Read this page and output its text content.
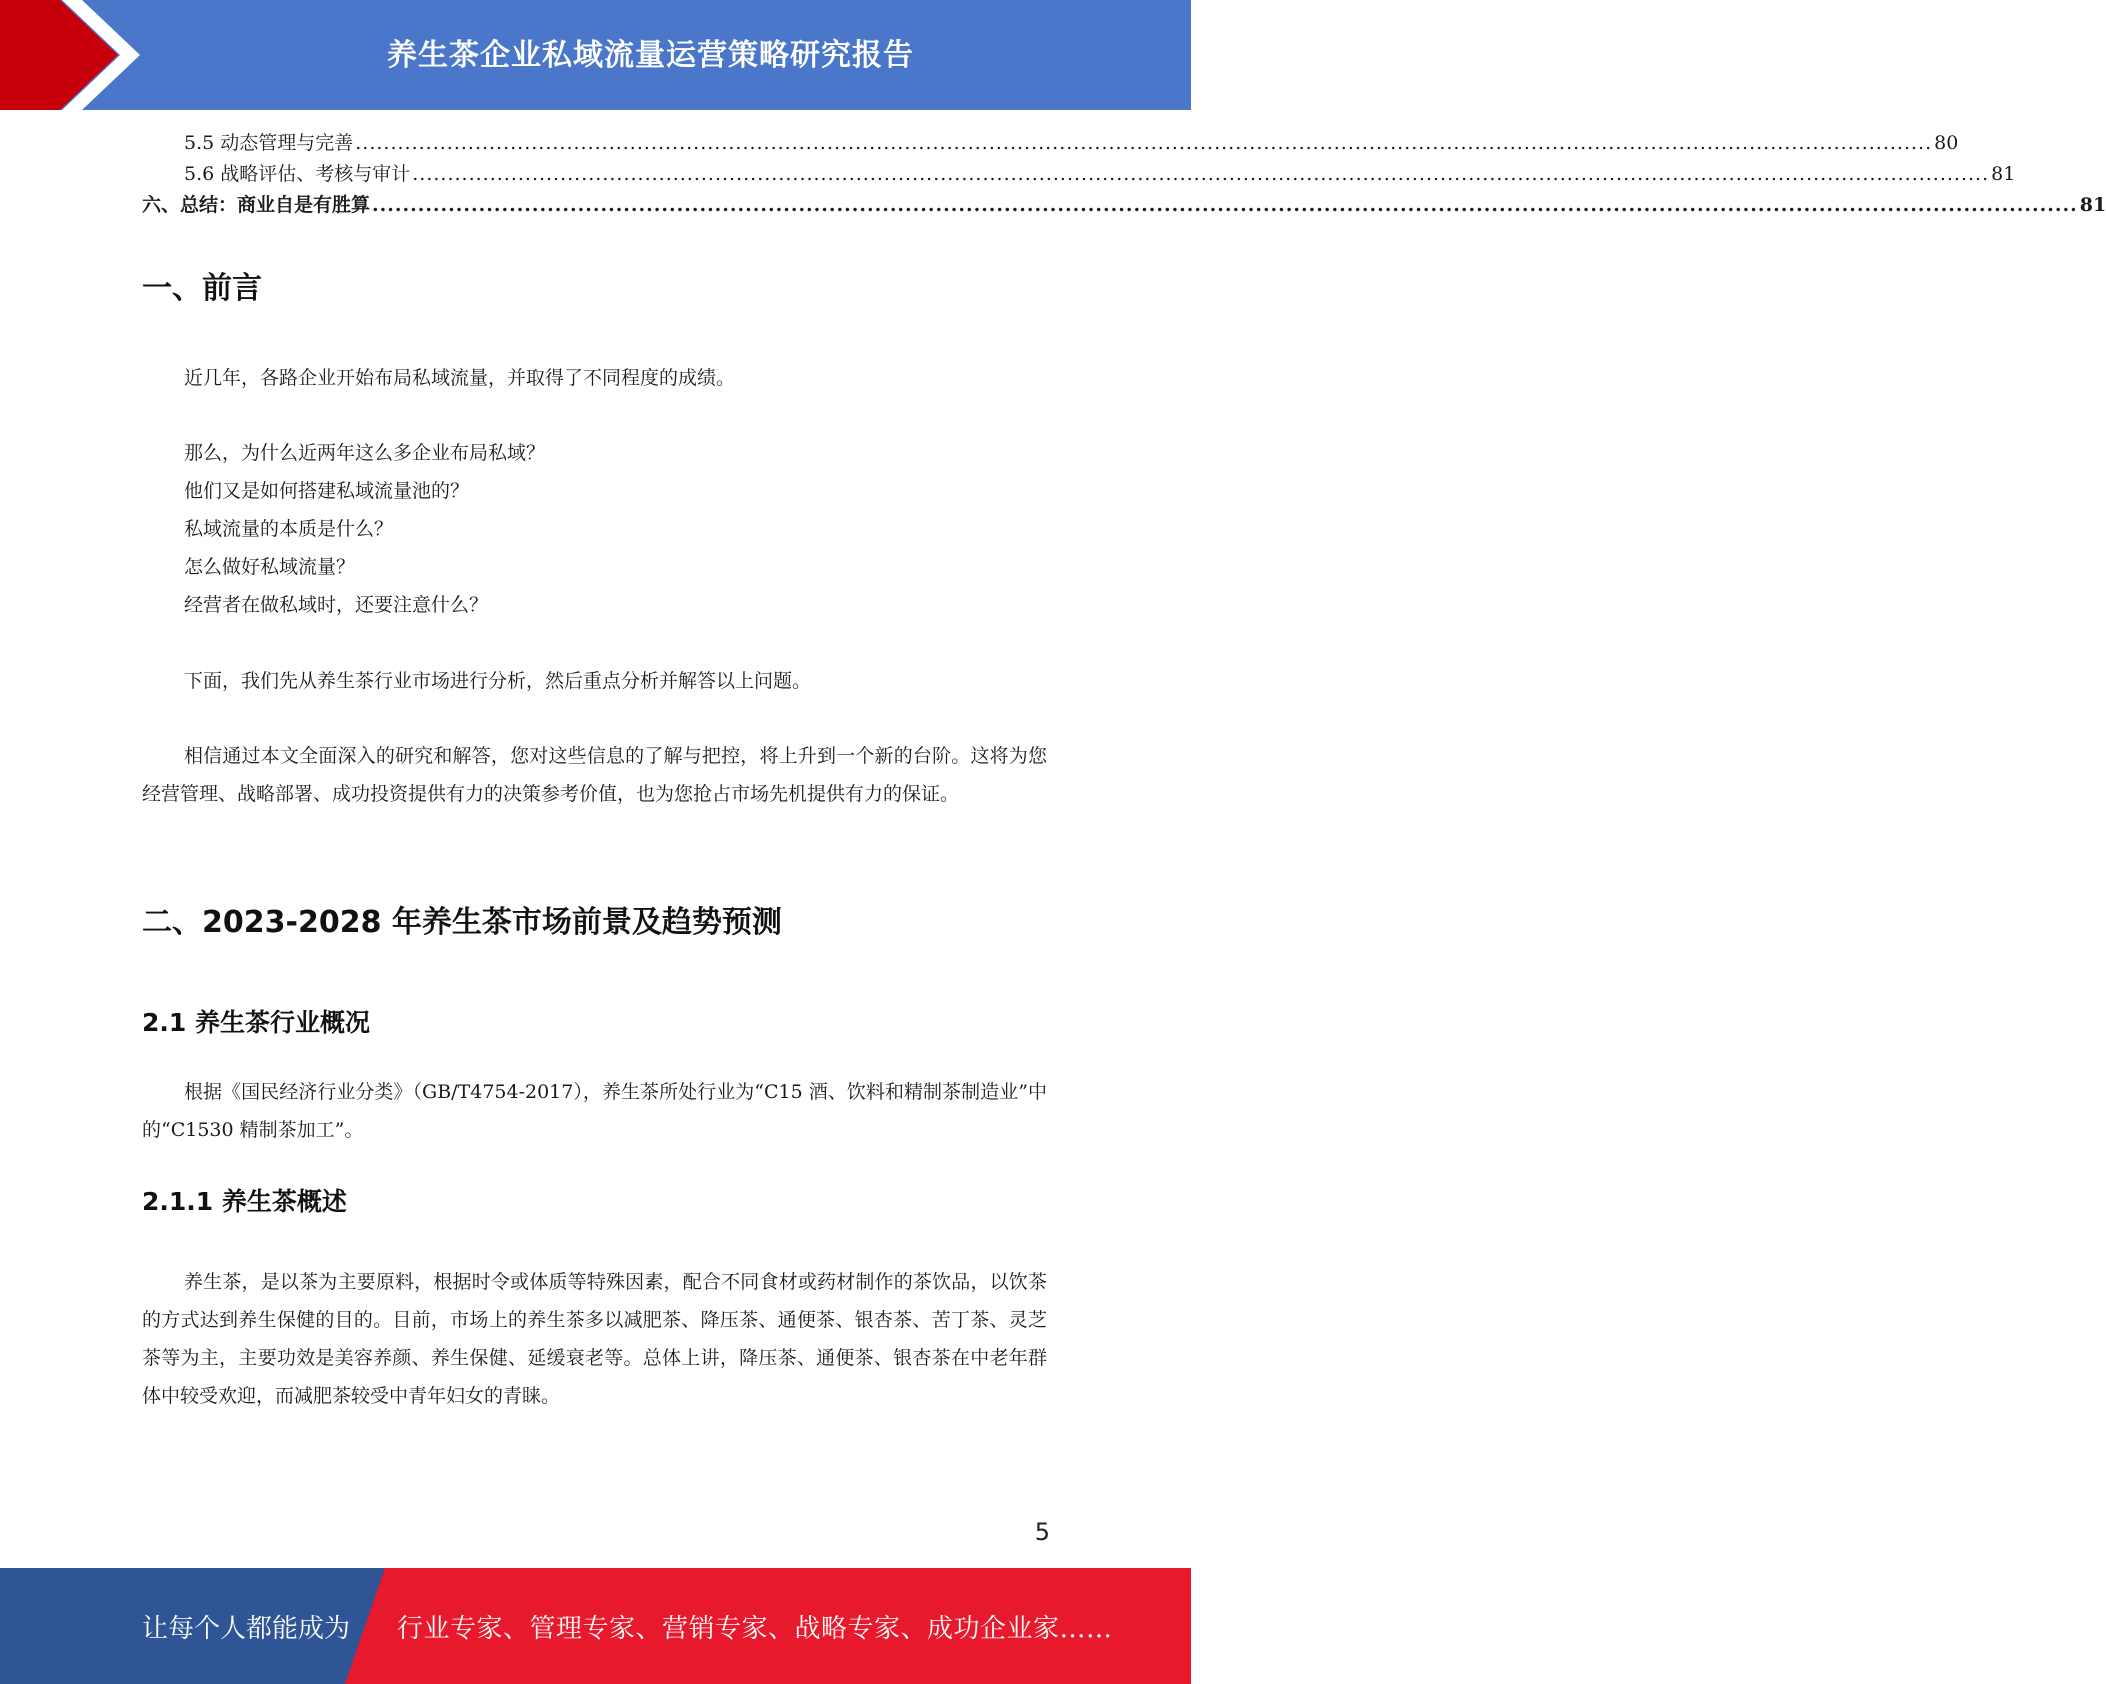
养生茶企业私域流量运营策略研究报告
5.5 动态管理与完善 ................................................................................................................................................................................................................................ 80
5.6 战略评估、考核与审计 ................................................................................................................................................................................................................................ 81
六、总结：商业自是有胜算 ................................................................................................................................................................................................................................ 81
一、前言

近几年，各路企业开始布局私域流量，并取得了不同程度的成绩。

那么，为什么近两年这么多企业布局私域？
他们又是如何搭建私域流量池的？
私域流量的本质是什么？
怎么做好私域流量？
经营者在做私域时，还要注意什么？

下面，我们先从养生茶行业市场进行分析，然后重点分析并解答以上问题。

相信通过本文全面深入的研究和解答，您对这些信息的了解与把控，将上升到一个新的台阶。这将为您经营管理、战略部署、成功投资提供有力的决策参考价值，也为您抢占市场先机提供有力的保证。

二、2023-2028 年养生茶市场前景及趋势预测
2.1 养生茶行业概况

根据《国民经济行业分类》（GB/T4754-2017），养生茶所处行业为“C15 酒、饮料和精制茶制造业”中的“C1530 精制茶加工”。

2.1.1 养生茶概述

养生茶，是以茶为主要原料，根据时令或体质等特殊因素，配合不同食材或药材制作的茶饮品，以饮茶的方式达到养生保健的目的。目前，市场上的养生茶多以减肥茶、降压茶、通便茶、银杏茶、苦丁茶、灵芝茶等为主，主要功效是美容养颜、养生保健、延缓衰老等。总体上讲，降压茶、通便茶、银杏茶在中老年群体中较受欢迎，而减肥茶较受中青年妇女的青睐。

5
让每个人都能成为 行业专家、管理专家、营销专家、战略专家、成功企业家……
